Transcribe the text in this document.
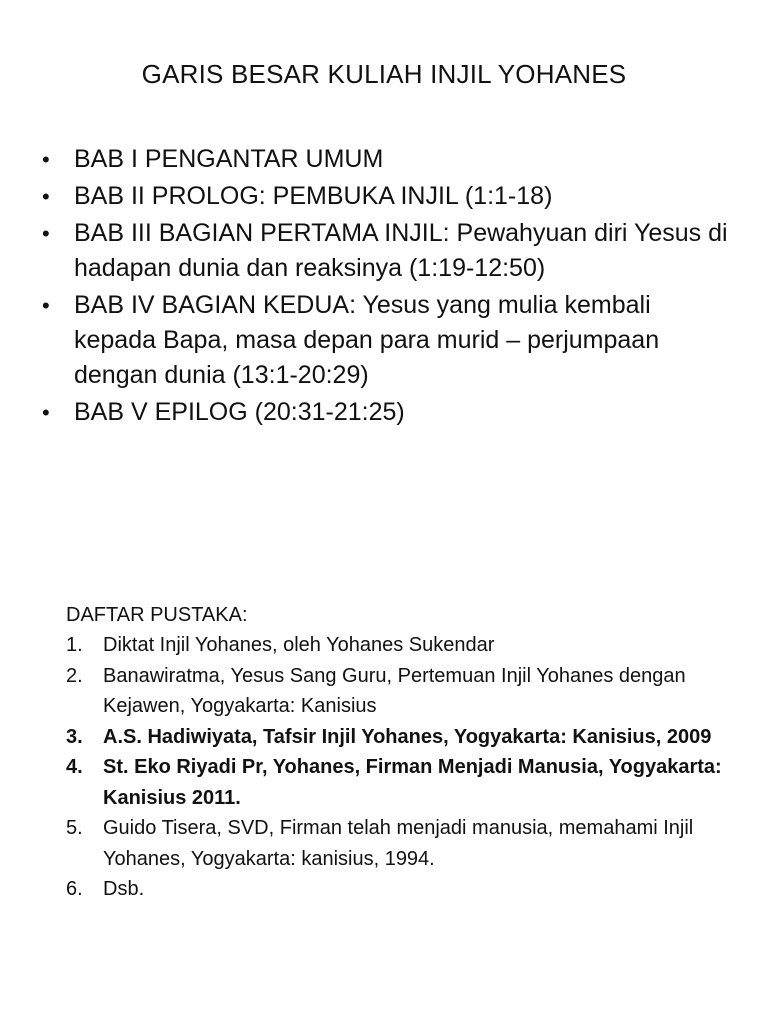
GARIS BESAR KULIAH INJIL YOHANES
• BAB I PENGANTAR UMUM
• BAB II PROLOG: PEMBUKA INJIL (1:1-18)
• BAB III BAGIAN PERTAMA INJIL: Pewahyuan diri Yesus di hadapan dunia dan reaksinya (1:19-12:50)
• BAB IV BAGIAN KEDUA: Yesus yang mulia kembali kepada Bapa, masa depan para murid – perjumpaan dengan dunia (13:1-20:29)
• BAB V EPILOG (20:31-21:25)
DAFTAR PUSTAKA:
1. Diktat Injil Yohanes, oleh Yohanes Sukendar
2. Banawiratma, Yesus Sang Guru, Pertemuan Injil Yohanes dengan Kejawen, Yogyakarta: Kanisius
3. A.S. Hadiwiyata, Tafsir Injil Yohanes, Yogyakarta: Kanisius, 2009
4. St. Eko Riyadi Pr, Yohanes, Firman Menjadi Manusia, Yogyakarta: Kanisius 2011.
5. Guido Tisera, SVD, Firman telah menjadi manusia, memahami Injil Yohanes, Yogyakarta: kanisius, 1994.
6. Dsb.
